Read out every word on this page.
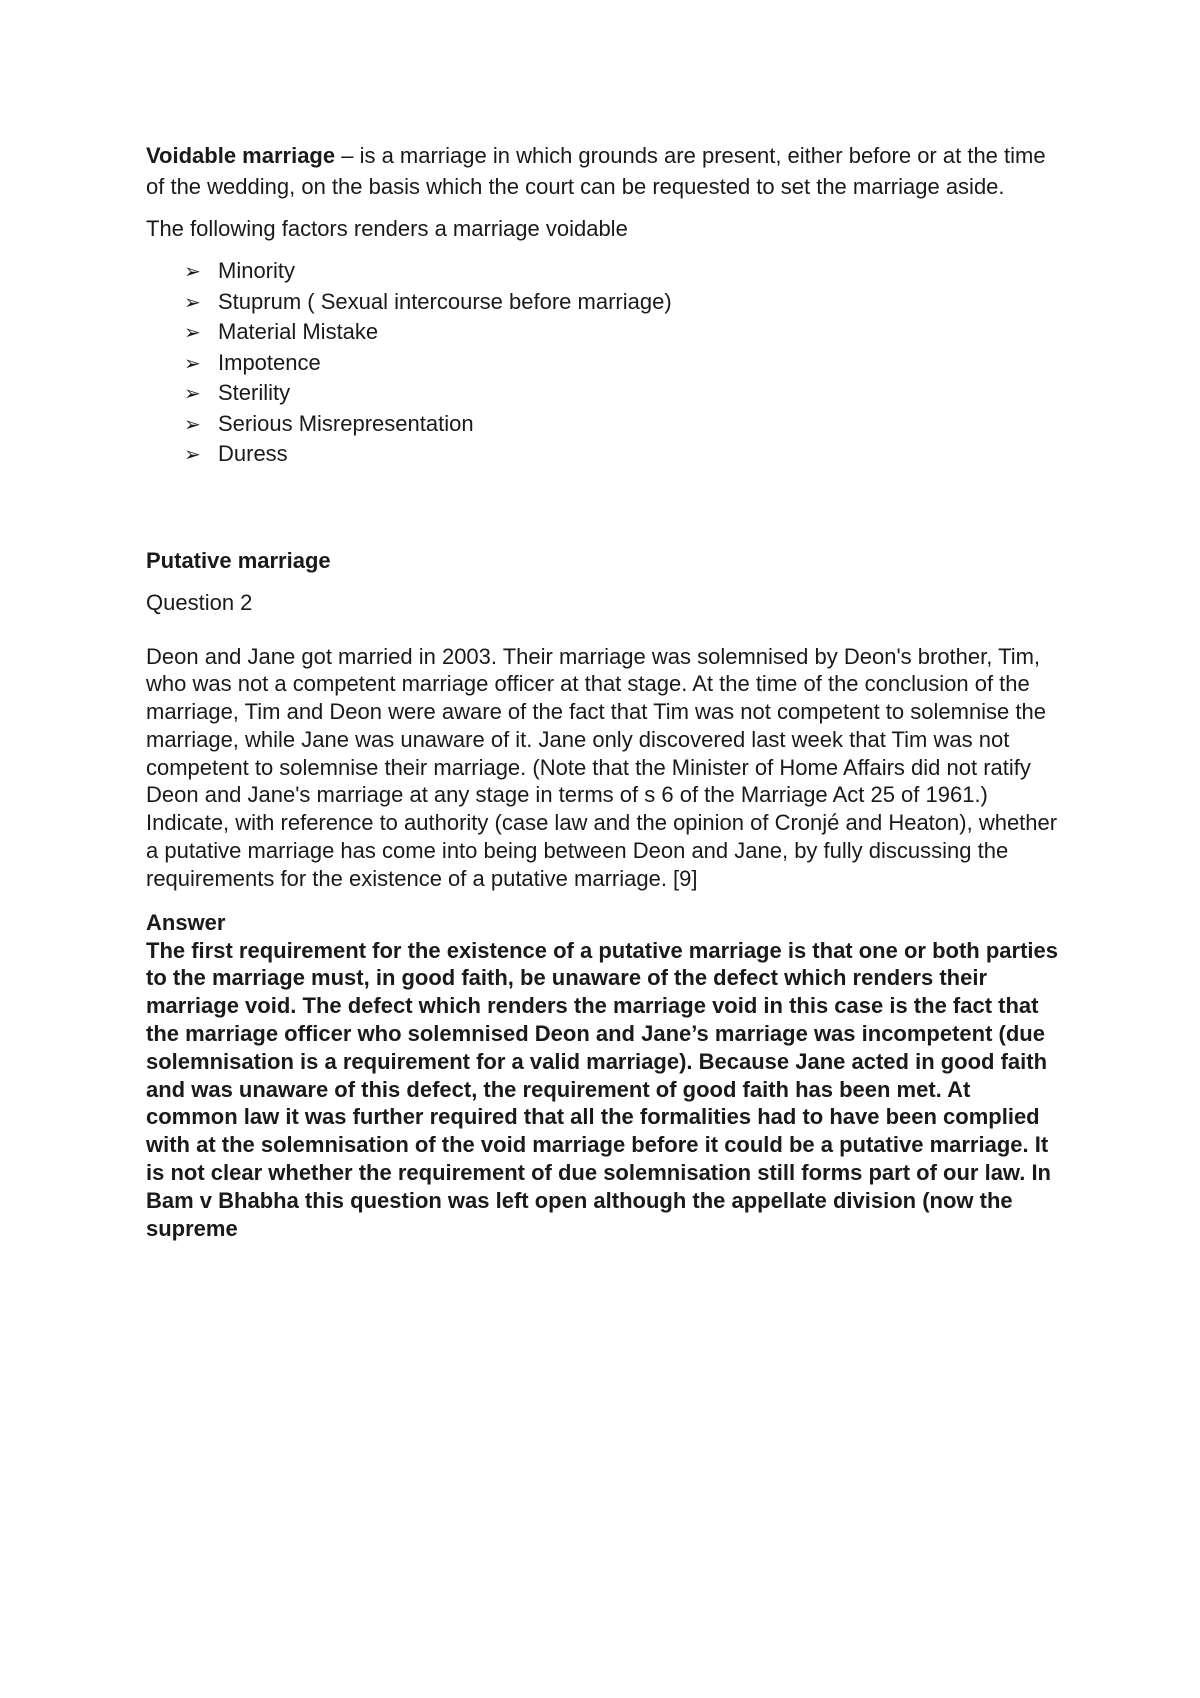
Voidable marriage – is a marriage in which grounds are present, either before or at the time of the wedding, on the basis which the court can be requested to set the marriage aside.

The following factors renders a marriage voidable

➢ Minority
➢ Stuprum ( Sexual intercourse before marriage)
➢ Material Mistake
➢ Impotence
➢ Sterility
➢ Serious Misrepresentation
➢ Duress
Putative marriage
Question 2

Deon and Jane got married in 2003. Their marriage was solemnised by Deon's brother, Tim, who was not a competent marriage officer at that stage. At the time of the conclusion of the marriage, Tim and Deon were aware of the fact that Tim was not competent to solemnise the marriage, while Jane was unaware of it. Jane only discovered last week that Tim was not competent to solemnise their marriage. (Note that the Minister of Home Affairs did not ratify Deon and Jane's marriage at any stage in terms of s 6 of the Marriage Act 25 of 1961.) Indicate, with reference to authority (case law and the opinion of Cronjé and Heaton), whether a putative marriage has come into being between Deon and Jane, by fully discussing the requirements for the existence of a putative marriage. [9]

Answer

The first requirement for the existence of a putative marriage is that one or both parties to the marriage must, in good faith, be unaware of the defect which renders their marriage void. The defect which renders the marriage void in this case is the fact that the marriage officer who solemnised Deon and Jane’s marriage was incompetent (due solemnisation is a requirement for a valid marriage). Because Jane acted in good faith and was unaware of this defect, the requirement of good faith has been met. At common law it was further required that all the formalities had to have been complied with at the solemnisation of the void marriage before it could be a putative marriage. It is not clear whether the requirement of due solemnisation still forms part of our law. In Bam v Bhabha this question was left open although the appellate division (now the supreme
